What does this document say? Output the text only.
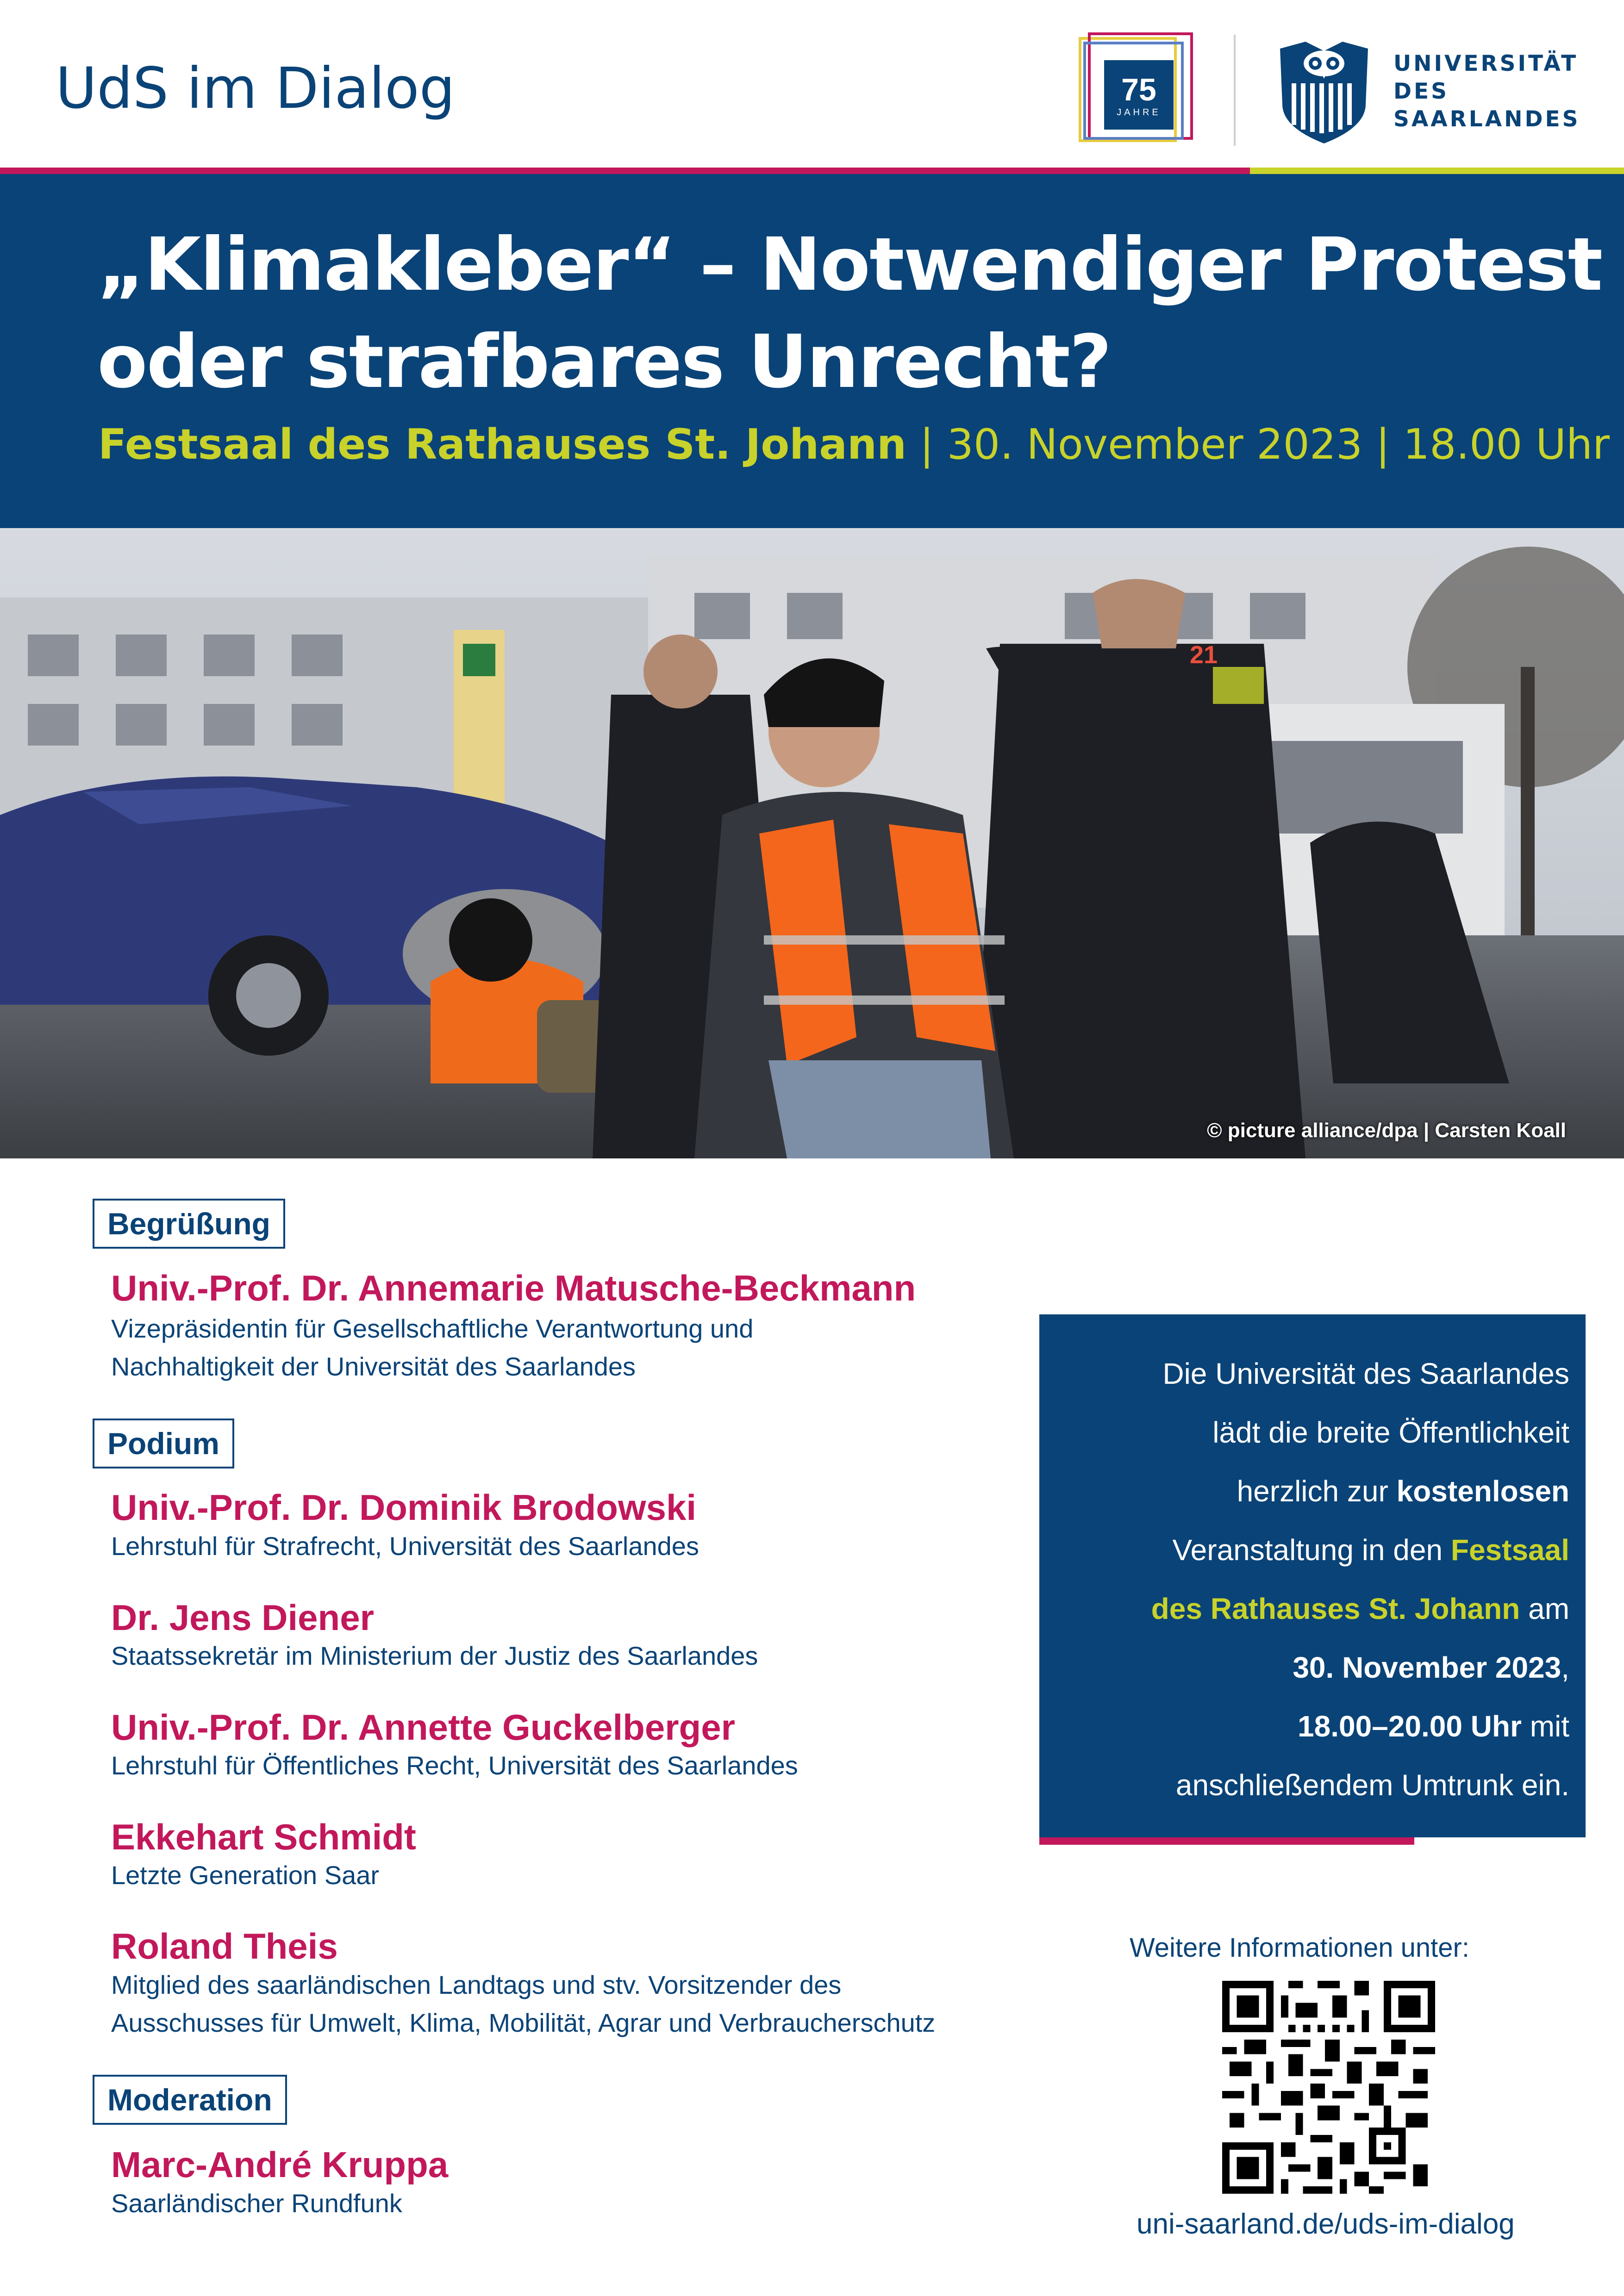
UdS im Dialog	75
JAHRE
UNIVERSITÄT
DES
SAARLANDES
„Klimakleber“ – Notwendiger Protest
oder strafbares Unrecht?
Festsaal des Rathauses St. Johann | 30. November 2023 | 18.00 Uhr
21
© picture alliance/dpa | Carsten Koall
Begrüßung
Univ.-Prof. Dr. Annemarie Matusche-Beckmann
Vizepräsidentin für Gesellschaftliche Verantwortung und
Nachhaltigkeit der Universität des Saarlandes
Podium
Univ.-Prof. Dr. Dominik Brodowski
Lehrstuhl für Strafrecht, Universität des Saarlandes
Dr. Jens Diener
Staatssekretär im Ministerium der Justiz des Saarlandes
Univ.-Prof. Dr. Annette Guckelberger
Lehrstuhl für Öffentliches Recht, Universität des Saarlandes
Ekkehart Schmidt
Letzte Generation Saar
Roland Theis
Mitglied des saarländischen Landtags und stv. Vorsitzender des
Ausschusses für Umwelt, Klima, Mobilität, Agrar und Verbraucherschutz
Moderation
Marc-André Kruppa
Saarländischer Rundfunk
Die Universität des Saarlandes
lädt die breite Öffentlichkeit
herzlich zur kostenlosen
Veranstaltung in den Festsaal
des Rathauses St. Johann am
30. November 2023,
18.00–20.00 Uhr mit
anschließendem Umtrunk ein.
Weitere Informationen unter:
uni-saarland.de/uds-im-dialog
